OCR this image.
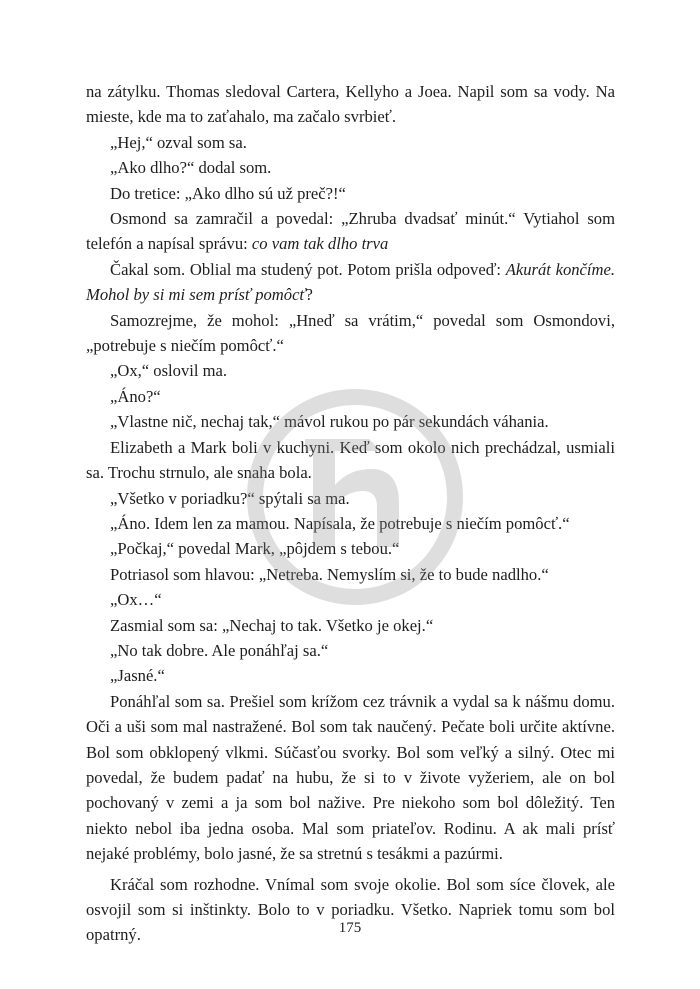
na zátylku. Thomas sledoval Cartera, Kellyho a Joea. Napil som sa vody. Na mieste, kde ma to zaťahalo, ma začalo svrbieť.

„Hej,“ ozval som sa.

„Ako dlho?“ dodal som.

Do tretice: „Ako dlho sú už preč?!“

Osmond sa zamračil a povedal: „Zhruba dvadsať minút.“ Vytiahol som telefón a napísal správu: co vam tak dlho trva

Čakal som. Oblial ma studený pot. Potom prišla odpoveď: Akurát končíme. Mohol by si mi sem prísť pomôcť?

Samozrejme, že mohol: „Hneď sa vrátim,“ povedal som Osmondovi, „potrebuje s niečím pomôcť.“

„Ox,“ oslovil ma.

„Áno?“

„Vlastne nič, nechaj tak,“ mávol rukou po pár sekundách váhania.

Elizabeth a Mark boli v kuchyni. Keď som okolo nich prechádzal, usmiali sa. Trochu strnulo, ale snaha bola.

„Všetko v poriadku?“ spýtali sa ma.

„Áno. Idem len za mamou. Napísala, že potrebuje s niečím pomôcť.“

„Počkaj,“ povedal Mark, „pôjdem s tebou.“

Potriasol som hlavou: „Netreba. Nemyslím si, že to bude nadlho.“

„Ox…“

Zasmial som sa: „Nechaj to tak. Všetko je okej.“

„No tak dobre. Ale ponáhľaj sa.“

„Jasné.“

Ponáhľal som sa. Prešiel som krížom cez trávnik a vydal sa k nášmu domu. Oči a uši som mal nastražené. Bol som tak naučený. Pečate boli určite aktívne. Bol som obklopený vlkmi. Súčasťou svorky. Bol som veľký a silný. Otec mi povedal, že budem padať na hubu, že si to v živote vyžeriem, ale on bol pochovaný v zemi a ja som bol nažive. Pre niekoho som bol dôležitý. Ten niekto nebol iba jedna osoba. Mal som priateľov. Rodinu. A ak mali prísť nejaké problémy, bolo jasné, že sa stretnú s tesákmi a pazúrmi.

Kráčal som rozhodne. Vnímal som svoje okolie. Bol som síce človek, ale osvojil som si inštinkty. Bolo to v poriadku. Všetko. Napriek tomu som bol opatrný.	175
